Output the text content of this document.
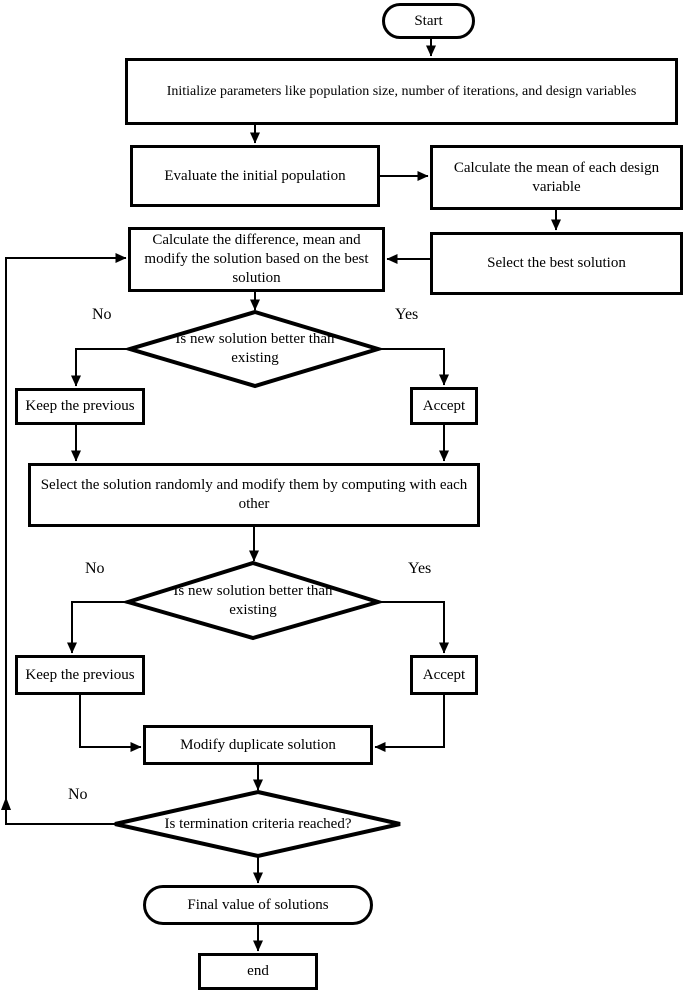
Start
Initialize parameters like population size, number of iterations, and design variables
Evaluate the initial population	Calculate the mean of each design variable
Select the best solution
Calculate the difference, mean and modify the solution based on the best solution
Is new solution better than existing
Keep the previous	Accept
Select the solution randomly and modify them by computing with each other
Is new solution better than existing
Keep the previous	Accept
Modify duplicate solution
Is termination criteria reached?
Final value of solutions
end
No	Yes
No	Yes
No
